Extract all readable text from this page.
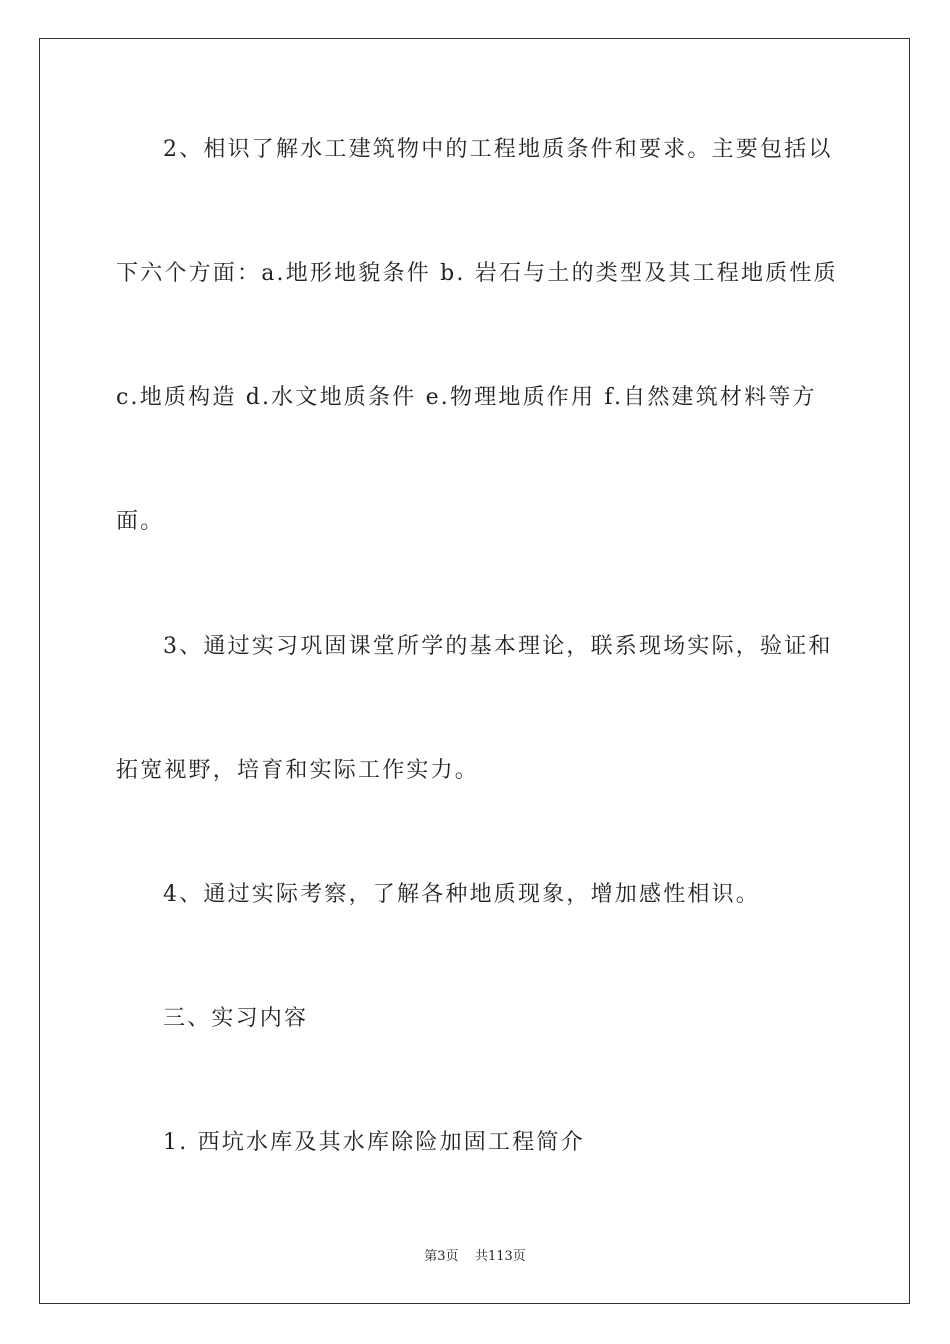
2、相识了解水工建筑物中的工程地质条件和要求。主要包括以
下六个方面：a.地形地貌条件 b. 岩石与土的类型及其工程地质性质
c.地质构造 d.水文地质条件 e.物理地质作用 f.自然建筑材料等方
面。
3、通过实习巩固课堂所学的基本理论，联系现场实际，验证和
拓宽视野，培育和实际工作实力。
4、通过实际考察，了解各种地质现象，增加感性相识。
三、实习内容
1. 西坑水库及其水库除险加固工程简介
第3页    共113页
